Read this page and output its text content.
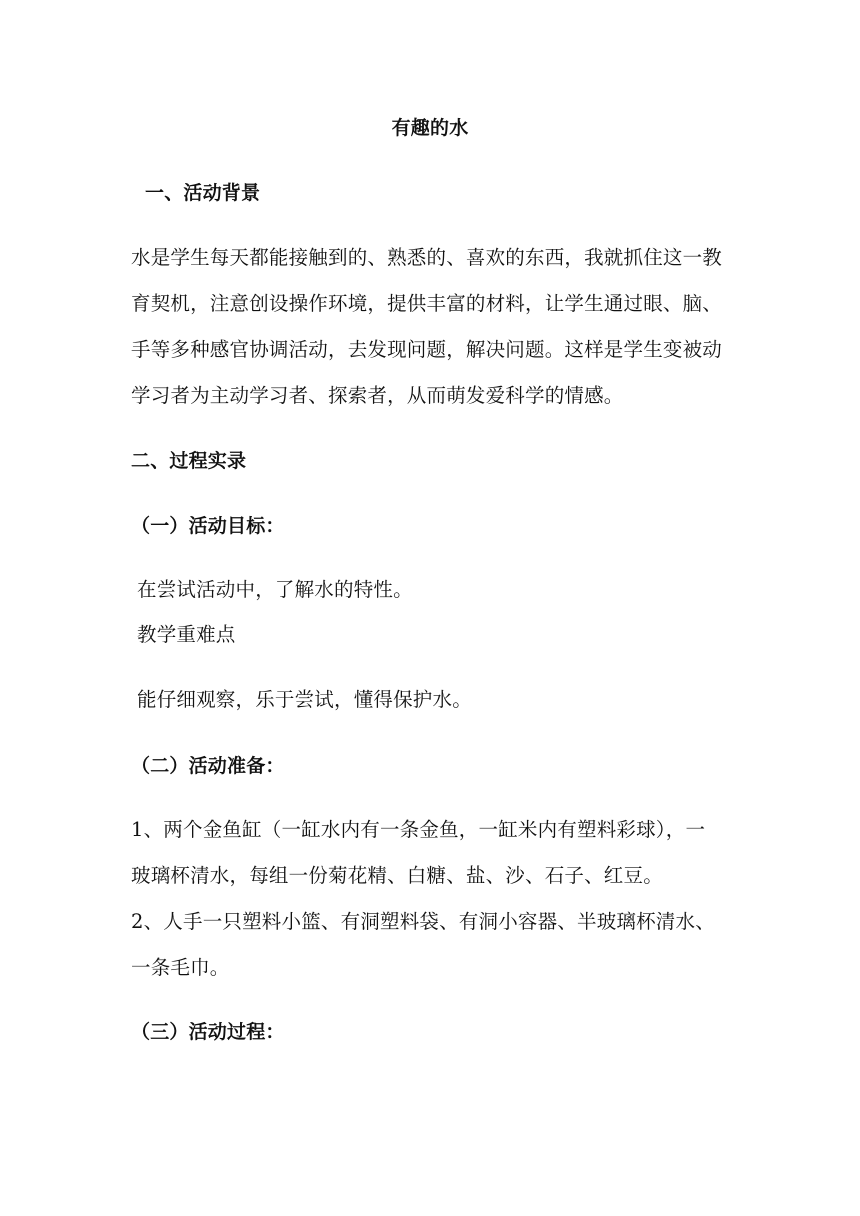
有趣的水
一、活动背景
水是学生每天都能接触到的、熟悉的、喜欢的东西，我就抓住这一教
育契机，注意创设操作环境，提供丰富的材料，让学生通过眼、脑、
手等多种感官协调活动，去发现问题，解决问题。这样是学生变被动
学习者为主动学习者、探索者，从而萌发爱科学的情感。
二、过程实录
（一）活动目标：
在尝试活动中，了解水的特性。
教学重难点
能仔细观察，乐于尝试，懂得保护水。
（二）活动准备：
1、两个金鱼缸（一缸水内有一条金鱼，一缸米内有塑料彩球），一
玻璃杯清水，每组一份菊花精、白糖、盐、沙、石子、红豆。
2、人手一只塑料小篮、有洞塑料袋、有洞小容器、半玻璃杯清水、
一条毛巾。
（三）活动过程：
